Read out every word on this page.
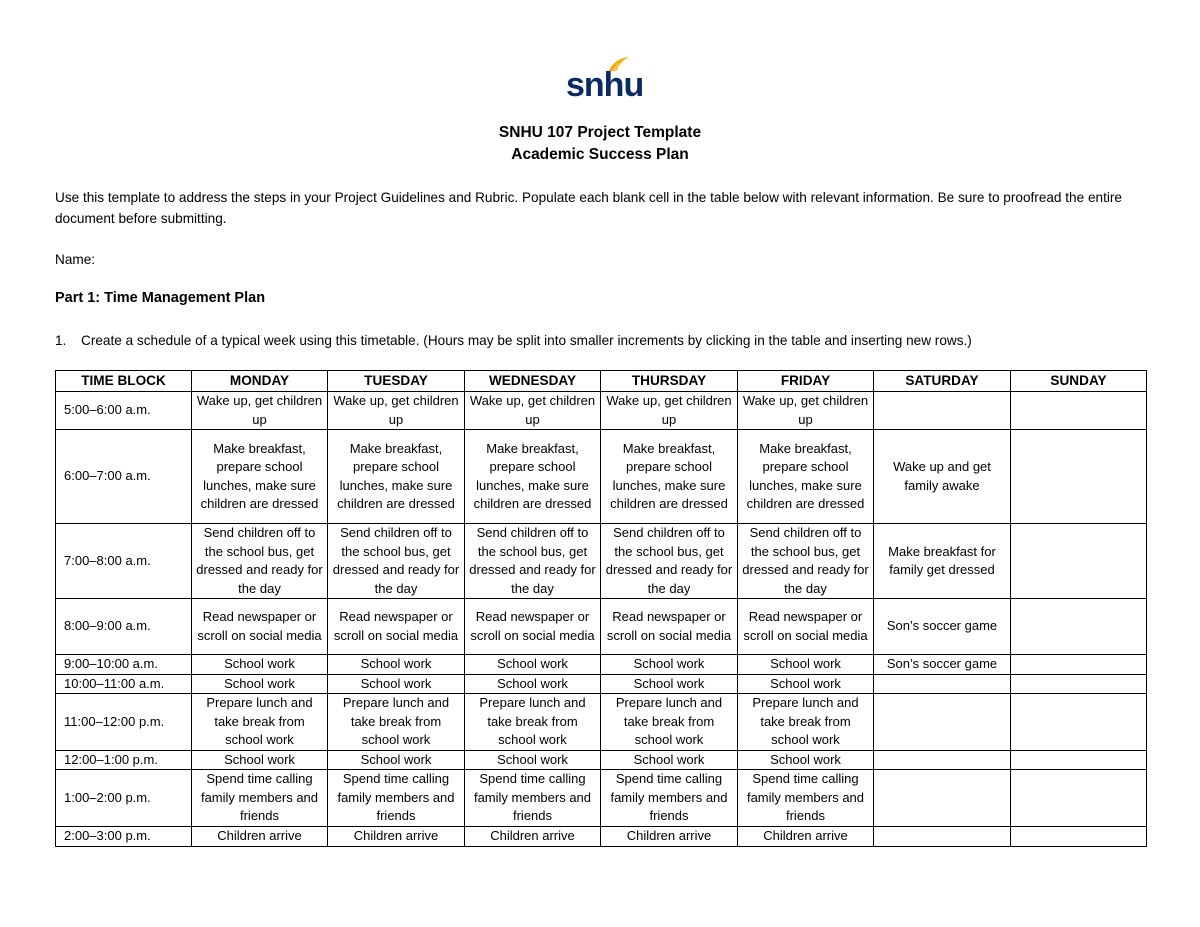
snhu
SNHU 107 Project Template
Academic Success Plan
Use this template to address the steps in your Project Guidelines and Rubric. Populate each blank cell in the table below with relevant information. Be sure to proofread the entire document before submitting.
Name:
Part 1: Time Management Plan
1. Create a schedule of a typical week using this timetable. (Hours may be split into smaller increments by clicking in the table and inserting new rows.)
TIME BLOCK	MONDAY	TUESDAY	WEDNESDAY	THURSDAY	FRIDAY	SATURDAY	SUNDAY
5:00–6:00 a.m.	Wake up, get children up	Wake up, get children up	Wake up, get children up	Wake up, get children up	Wake up, get children up		
6:00–7:00 a.m.	Make breakfast, prepare school lunches, make sure children are dressed	Make breakfast, prepare school lunches, make sure children are dressed	Make breakfast, prepare school lunches, make sure children are dressed	Make breakfast, prepare school lunches, make sure children are dressed	Make breakfast, prepare school lunches, make sure children are dressed	Wake up and get family awake	
7:00–8:00 a.m.	Send children off to the school bus, get dressed and ready for the day	Send children off to the school bus, get dressed and ready for the day	Send children off to the school bus, get dressed and ready for the day	Send children off to the school bus, get dressed and ready for the day	Send children off to the school bus, get dressed and ready for the day	Make breakfast for family get dressed	
8:00–9:00 a.m.	Read newspaper or scroll on social media	Read newspaper or scroll on social media	Read newspaper or scroll on social media	Read newspaper or scroll on social media	Read newspaper or scroll on social media	Son’s soccer game	
9:00–10:00 a.m.	School work	School work	School work	School work	School work	Son’s soccer game	
10:00–11:00 a.m.	School work	School work	School work	School work	School work		
11:00–12:00 p.m.	Prepare lunch and take break from school work	Prepare lunch and take break from school work	Prepare lunch and take break from school work	Prepare lunch and take break from school work	Prepare lunch and take break from school work		
12:00–1:00 p.m.	School work	School work	School work	School work	School work		
1:00–2:00 p.m.	Spend time calling family members and friends	Spend time calling family members and friends	Spend time calling family members and friends	Spend time calling family members and friends	Spend time calling family members and friends		
2:00–3:00 p.m.	Children arrive	Children arrive	Children arrive	Children arrive	Children arrive		
